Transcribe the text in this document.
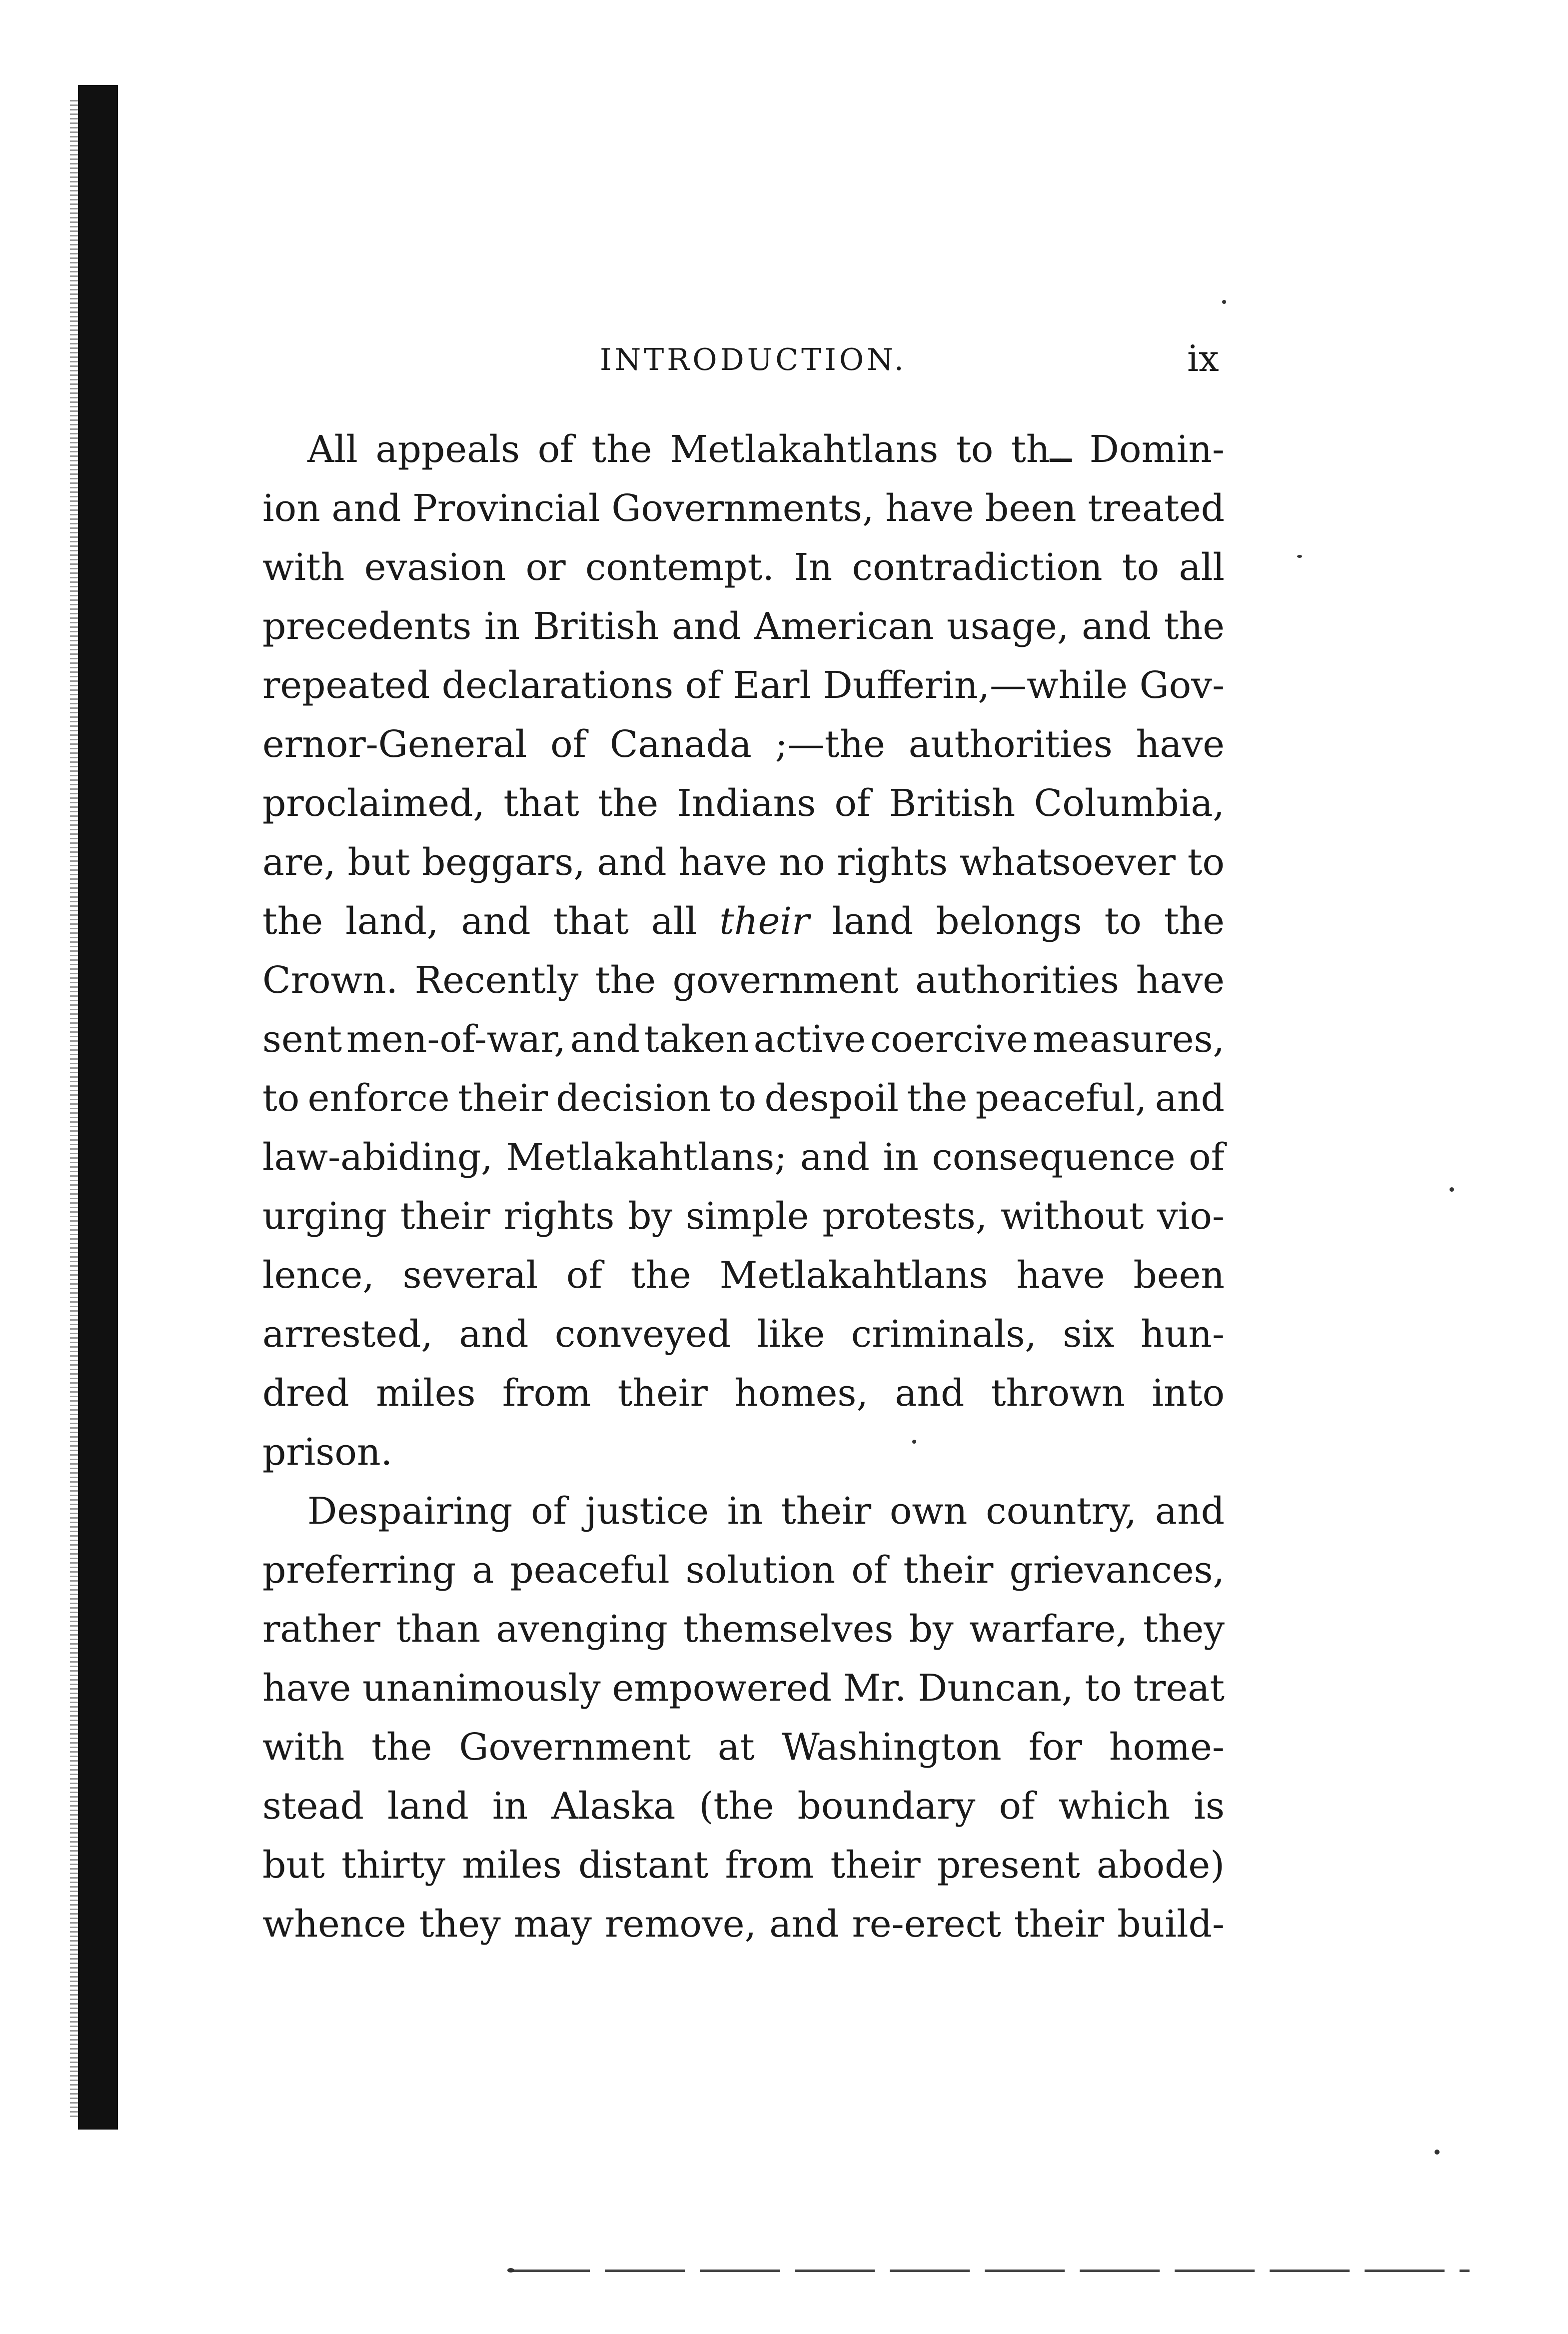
INTRODUCTION.	ix
All appeals of the Metlakahtlans to thــ Domin-
ion and Provincial Governments, have been treated
with evasion or contempt. In contradiction to all
precedents in British and American usage, and the
repeated declarations of Earl Dufferin,—while Gov-
ernor-General of Canada ;—the authorities have
proclaimed, that the Indians of British Columbia,
are, but beggars, and have no rights whatsoever to
the land, and that all their land belongs to the
Crown. Recently the government authorities have
sent men-of-war, and taken active coercive measures,
to enforce their decision to despoil the peaceful, and
law-abiding, Metlakahtlans; and in consequence of
urging their rights by simple protests, without vio-
lence, several of the Metlakahtlans have been
arrested, and conveyed like criminals, six hun-
dred miles from their homes, and thrown into
prison.
Despairing of justice in their own country, and
preferring a peaceful solution of their grievances,
rather than avenging themselves by warfare, they
have unanimously empowered Mr. Duncan, to treat
with the Government at Washington for home-
stead land in Alaska (the boundary of which is
but thirty miles distant from their present abode)
whence they may remove, and re-erect their build-
